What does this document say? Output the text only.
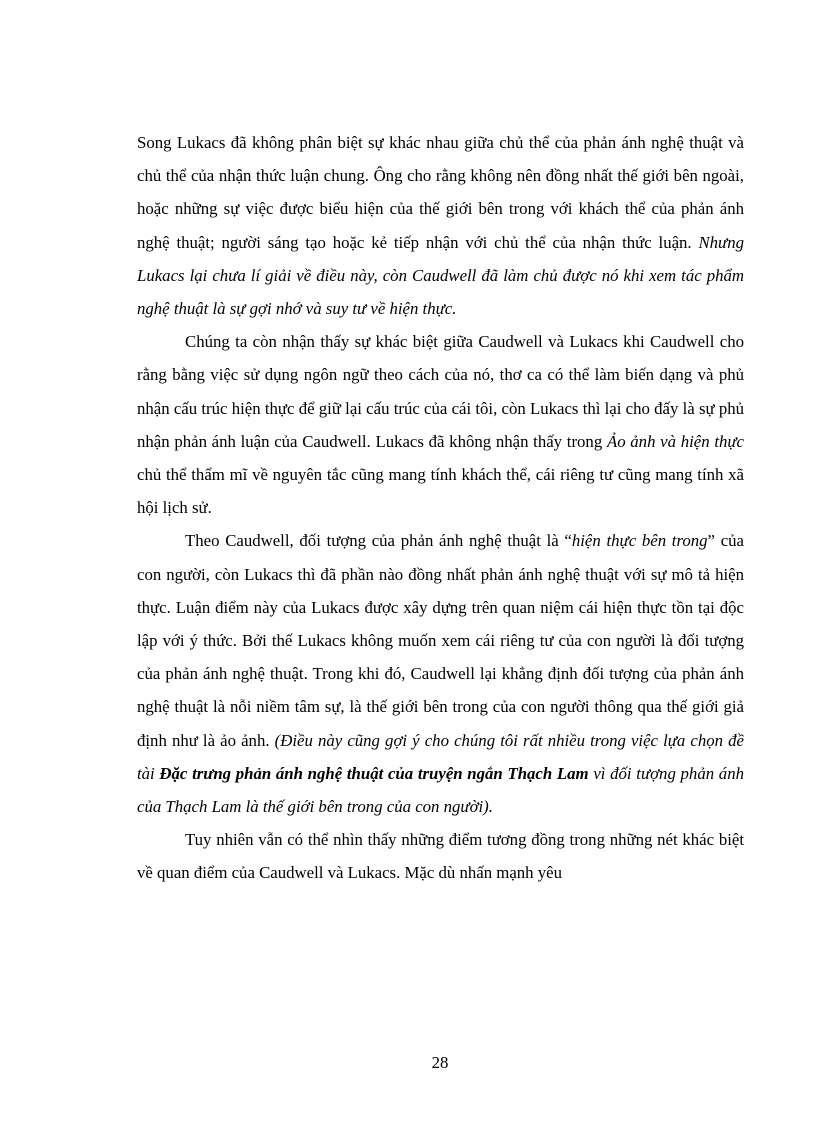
Song Lukacs đã không phân biệt sự khác nhau giữa chủ thể của phản ánh nghệ thuật và chủ thể của nhận thức luận chung. Ông cho rằng không nên đồng nhất thế giới bên ngoài, hoặc những sự việc được biểu hiện của thế giới bên trong với khách thể của phản ánh nghệ thuật; người sáng tạo hoặc kẻ tiếp nhận với chủ thể của nhận thức luận. Nhưng Lukacs lại chưa lí giải về điều này, còn Caudwell đã làm chủ được nó khi xem tác phẩm nghệ thuật là sự gợi nhớ và suy tư về hiện thực.

Chúng ta còn nhận thấy sự khác biệt giữa Caudwell và Lukacs khi Caudwell cho rằng bằng việc sử dụng ngôn ngữ theo cách của nó, thơ ca có thể làm biến dạng và phủ nhận cấu trúc hiện thực để giữ lại cấu trúc của cái tôi, còn Lukacs thì lại cho đấy là sự phủ nhận phản ánh luận của Caudwell. Lukacs đã không nhận thấy trong Ảo ảnh và hiện thực chủ thể thẩm mĩ về nguyên tắc cũng mang tính khách thể, cái riêng tư cũng mang tính xã hội lịch sử.

Theo Caudwell, đối tượng của phản ánh nghệ thuật là “hiện thực bên trong” của con người, còn Lukacs thì đã phần nào đồng nhất phản ánh nghệ thuật với sự mô tả hiện thực. Luận điểm này của Lukacs được xây dựng trên quan niệm cái hiện thực tồn tại độc lập với ý thức. Bởi thế Lukacs không muốn xem cái riêng tư của con người là đối tượng của phản ánh nghệ thuật. Trong khi đó, Caudwell lại khẳng định đối tượng của phản ánh nghệ thuật là nỗi niềm tâm sự, là thế giới bên trong của con người thông qua thế giới giả định như là ảo ảnh. (Điều này cũng gợi ý cho chúng tôi rất nhiều trong việc lựa chọn đề tài Đặc trưng phản ánh nghệ thuật của truyện ngắn Thạch Lam vì đối tượng phản ánh của Thạch Lam là thế giới bên trong của con người).

Tuy nhiên vẫn có thể nhìn thấy những điểm tương đồng trong những nét khác biệt về quan điểm của Caudwell và Lukacs. Mặc dù nhấn mạnh yêu

28
